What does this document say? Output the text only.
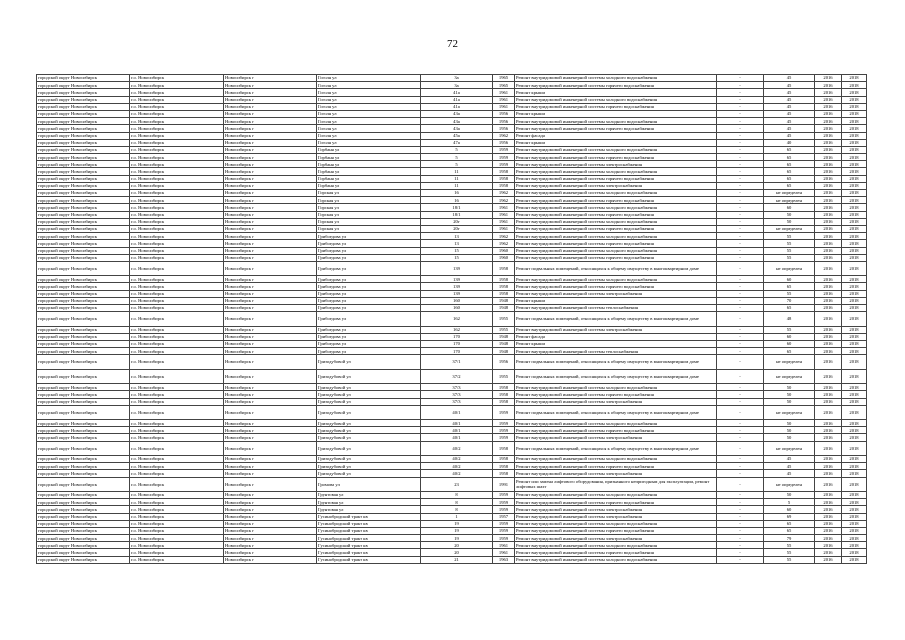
72
городской округ Новосибирск	г.о. Новосибирск	Новосибирск г	Гоголя ул	3а	1965	Ремонт внутридомовой инженерной системы холодного водоснабжения	-	45	2016	2018
городской округ Новосибирск	г.о. Новосибирск	Новосибирск г	Гоголя ул	3а	1965	Ремонт внутридомовой инженерной системы горячего водоснабжения	-	45	2016	2018
городской округ Новосибирск	г.о. Новосибирск	Новосибирск г	Гоголя ул	41а	1961	Ремонт крыши	-	45	2016	2018
городской округ Новосибирск	г.о. Новосибирск	Новосибирск г	Гоголя ул	41а	1961	Ремонт внутридомовой инженерной системы холодного водоснабжения	-	45	2016	2018
городской округ Новосибирск	г.о. Новосибирск	Новосибирск г	Гоголя ул	41а	1961	Ремонт внутридомовой инженерной системы горячего водоснабжения	-	45	2016	2018
городской округ Новосибирск	г.о. Новосибирск	Новосибирск г	Гоголя ул	43а	1956	Ремонт крыши	-	45	2016	2018
городской округ Новосибирск	г.о. Новосибирск	Новосибирск г	Гоголя ул	43а	1956	Ремонт внутридомовой инженерной системы холодного водоснабжения	-	45	2016	2018
городской округ Новосибирск	г.о. Новосибирск	Новосибирск г	Гоголя ул	43а	1956	Ремонт внутридомовой инженерной системы горячего водоснабжения	-	45	2016	2018
городской округ Новосибирск	г.о. Новосибирск	Новосибирск г	Гоголя ул	45а	1962	Ремонт фасада	-	45	2016	2018
городской округ Новосибирск	г.о. Новосибирск	Новосибирск г	Гоголя ул	47а	1956	Ремонт крыши	-	40	2016	2018
городской округ Новосибирск	г.о. Новосибирск	Новосибирск г	Горбаня ул	5	1959	Ремонт внутридомовой инженерной системы холодного водоснабжения	-	65	2016	2018
городской округ Новосибирск	г.о. Новосибирск	Новосибирск г	Горбаня ул	5	1959	Ремонт внутридомовой инженерной системы горячего водоснабжения	-	65	2016	2018
городской округ Новосибирск	г.о. Новосибирск	Новосибирск г	Горбаня ул	5	1959	Ремонт внутридомовой инженерной системы электроснабжения	-	65	2016	2018
городской округ Новосибирск	г.о. Новосибирск	Новосибирск г	Горбаня ул	11	1958	Ремонт внутридомовой инженерной системы холодного водоснабжения	-	65	2016	2018
городской округ Новосибирск	г.о. Новосибирск	Новосибирск г	Горбаня ул	11	1958	Ремонт внутридомовой инженерной системы горячего водоснабжения	-	65	2016	2018
городской округ Новосибирск	г.о. Новосибирск	Новосибирск г	Горбаня ул	11	1958	Ремонт внутридомовой инженерной системы электроснабжения	-	65	2016	2018
городской округ Новосибирск	г.о. Новосибирск	Новосибирск г	Горская ул	16	1962	Ремонт внутридомовой инженерной системы холодного водоснабжения	-	не определен	2016	2018
городской округ Новосибирск	г.о. Новосибирск	Новосибирск г	Горская ул	16	1962	Ремонт внутридомовой инженерной системы горячего водоснабжения	-	не определен	2016	2018
городской округ Новосибирск	г.о. Новосибирск	Новосибирск г	Горская ул	18/1	1961	Ремонт внутридомовой инженерной системы холодного водоснабжения	-	60	2016	2018
городской округ Новосибирск	г.о. Новосибирск	Новосибирск г	Горская ул	18/1	1961	Ремонт внутридомовой инженерной системы горячего водоснабжения	-	50	2016	2018
городской округ Новосибирск	г.о. Новосибирск	Новосибирск г	Горская ул	20г	1961	Ремонт внутридомовой инженерной системы холодного водоснабжения	-	50	2016	2018
городской округ Новосибирск	г.о. Новосибирск	Новосибирск г	Горская ул	20г	1961	Ремонт внутридомовой инженерной системы горячего водоснабжения	-	не определен	2016	2018
городской округ Новосибирск	г.о. Новосибирск	Новосибирск г	Грибоедова ул	13	1962	Ремонт внутридомовой инженерной системы холодного водоснабжения	-	55	2016	2018
городской округ Новосибирск	г.о. Новосибирск	Новосибирск г	Грибоедова ул	13	1962	Ремонт внутридомовой инженерной системы горячего водоснабжения	-	55	2016	2018
городской округ Новосибирск	г.о. Новосибирск	Новосибирск г	Грибоедова ул	15	1960	Ремонт внутридомовой инженерной системы холодного водоснабжения	-	55	2016	2018
городской округ Новосибирск	г.о. Новосибирск	Новосибирск г	Грибоедова ул	15	1960	Ремонт внутридомовой инженерной системы горячего водоснабжения	-	55	2016	2018
городской округ Новосибирск	г.о. Новосибирск	Новосибирск г	Грибоедова ул	139	1958	Ремонт подвальных помещений, относящихся к общему имуществу в многоквартирном доме	-	не определен	2016	2018
городской округ Новосибирск	г.о. Новосибирск	Новосибирск г	Грибоедова ул	139	1958	Ремонт внутридомовой инженерной системы холодного водоснабжения	-	60	2016	2018
городской округ Новосибирск	г.о. Новосибирск	Новосибирск г	Грибоедова ул	139	1958	Ремонт внутридомовой инженерной системы горячего водоснабжения	-	65	2016	2018
городской округ Новосибирск	г.о. Новосибирск	Новосибирск г	Грибоедова ул	139	1958	Ремонт внутридомовой инженерной системы электроснабжения	-	55	2016	2018
городской округ Новосибирск	г.о. Новосибирск	Новосибирск г	Грибоедова ул	160	1948	Ремонт крыши	-	70	2016	2018
городской округ Новосибирск	г.о. Новосибирск	Новосибирск г	Грибоедова ул	160	1948	Ремонт внутридомовой инженерной системы теплоснабжения	-	65	2016	2018
городской округ Новосибирск	г.о. Новосибирск	Новосибирск г	Грибоедова ул	162	1955	Ремонт подвальных помещений, относящихся к общему имуществу в многоквартирном доме	-	48	2016	2018
городской округ Новосибирск	г.о. Новосибирск	Новосибирск г	Грибоедова ул	162	1955	Ремонт внутридомовой инженерной системы электроснабжения	-	55	2016	2018
городской округ Новосибирск	г.о. Новосибирск	Новосибирск г	Грибоедова ул	170	1948	Ремонт фасада	-	60	2016	2018
городской округ Новосибирск	г.о. Новосибирск	Новосибирск г	Грибоедова ул	170	1948	Ремонт крыши	-	60	2016	2018
городской округ Новосибирск	г.о. Новосибирск	Новосибирск г	Грибоедова ул	170	1948	Ремонт внутридомовой инженерной системы теплоснабжения	-	65	2016	2018
городской округ Новосибирск	г.о. Новосибирск	Новосибирск г	Гризодубовой ул	37/1	1956	Ремонт подвальных помещений, относящихся к общему имуществу в многоквартирном доме	-	не определен	2016	2018
городской округ Новосибирск	г.о. Новосибирск	Новосибирск г	Гризодубовой ул	37/2	1955	Ремонт подвальных помещений, относящихся к общему имуществу в многоквартирном доме	-	не определен	2016	2018
городской округ Новосибирск	г.о. Новосибирск	Новосибирск г	Гризодубовой ул	37/3	1958	Ремонт внутридомовой инженерной системы холодного водоснабжения	-	50	2016	2018
городской округ Новосибирск	г.о. Новосибирск	Новосибирск г	Гризодубовой ул	37/3	1958	Ремонт внутридомовой инженерной системы горячего водоснабжения	-	50	2016	2018
городской округ Новосибирск	г.о. Новосибирск	Новосибирск г	Гризодубовой ул	37/3	1958	Ремонт внутридомовой инженерной системы электроснабжения	-	50	2016	2018
городской округ Новосибирск	г.о. Новосибирск	Новосибирск г	Гризодубовой ул	40/1	1959	Ремонт подвальных помещений, относящихся к общему имуществу в многоквартирном доме	-	не определен	2016	2018
городской округ Новосибирск	г.о. Новосибирск	Новосибирск г	Гризодубовой ул	40/1	1959	Ремонт внутридомовой инженерной системы холодного водоснабжения	-	50	2016	2018
городской округ Новосибирск	г.о. Новосибирск	Новосибирск г	Гризодубовой ул	40/1	1959	Ремонт внутридомовой инженерной системы горячего водоснабжения	-	50	2016	2018
городской округ Новосибирск	г.о. Новосибирск	Новосибирск г	Гризодубовой ул	40/1	1959	Ремонт внутридомовой инженерной системы электроснабжения	-	50	2016	2018
городской округ Новосибирск	г.о. Новосибирск	Новосибирск г	Гризодубовой ул	40/2	1958	Ремонт подвальных помещений, относящихся к общему имуществу в многоквартирном доме	-	не определен	2016	2018
городской округ Новосибирск	г.о. Новосибирск	Новосибирск г	Гризодубовой ул	40/2	1958	Ремонт внутридомовой инженерной системы холодного водоснабжения	-	45	2016	2018
городской округ Новосибирск	г.о. Новосибирск	Новосибирск г	Гризодубовой ул	40/2	1958	Ремонт внутридомовой инженерной системы горячего водоснабжения	-	45	2016	2018
городской округ Новосибирск	г.о. Новосибирск	Новосибирск г	Гризодубовой ул	40/2	1958	Ремонт внутридомовой инженерной системы электроснабжения	-	45	2016	2018
городской округ Новосибирск	г.о. Новосибирск	Новосибирск г	Громова ул	23	1991	Ремонт или замена лифтового оборудования, признанного непригодным для эксплуатации, ремонт лифтовых шахт	-	не определен	2016	2018
городской округ Новосибирск	г.о. Новосибирск	Новосибирск г	Грунтовая ул	8	1959	Ремонт внутридомовой инженерной системы холодного водоснабжения	-	50	2016	2018
городской округ Новосибирск	г.о. Новосибирск	Новосибирск г	Грунтовая ул	8	1959	Ремонт внутридомовой инженерной системы горячего водоснабжения	-	5	2016	2018
городской округ Новосибирск	г.о. Новосибирск	Новосибирск г	Грунтовая ул	8	1959	Ремонт внутридомовой инженерной системы электроснабжения	-	60	2016	2018
городской округ Новосибирск	г.о. Новосибирск	Новосибирск г	Гусинобродский тракт кв	1	1957	Ремонт внутридомовой инженерной системы электроснабжения	-	69	2016	2018
городской округ Новосибирск	г.о. Новосибирск	Новосибирск г	Гусинобродский тракт кв	19	1959	Ремонт внутридомовой инженерной системы холодного водоснабжения	-	65	2016	2018
городской округ Новосибирск	г.о. Новосибирск	Новосибирск г	Гусинобродский тракт кв	19	1959	Ремонт внутридомовой инженерной системы горячего водоснабжения	-	65	2016	2018
городской округ Новосибирск	г.о. Новосибирск	Новосибирск г	Гусинобродский тракт кв	19	1959	Ремонт внутридомовой инженерной системы электроснабжения	-	79	2016	2018
городской округ Новосибирск	г.о. Новосибирск	Новосибирск г	Гусинобродский тракт кв	20	1961	Ремонт внутридомовой инженерной системы холодного водоснабжения	-	55	2016	2018
городской округ Новосибирск	г.о. Новосибирск	Новосибирск г	Гусинобродский тракт кв	20	1961	Ремонт внутридомовой инженерной системы горячего водоснабжения	-	55	2016	2018
городской округ Новосибирск	г.о. Новосибирск	Новосибирск г	Гусинобродский тракт кв	21	1963	Ремонт внутридомовой инженерной системы холодного водоснабжения	-	55	2016	2018
